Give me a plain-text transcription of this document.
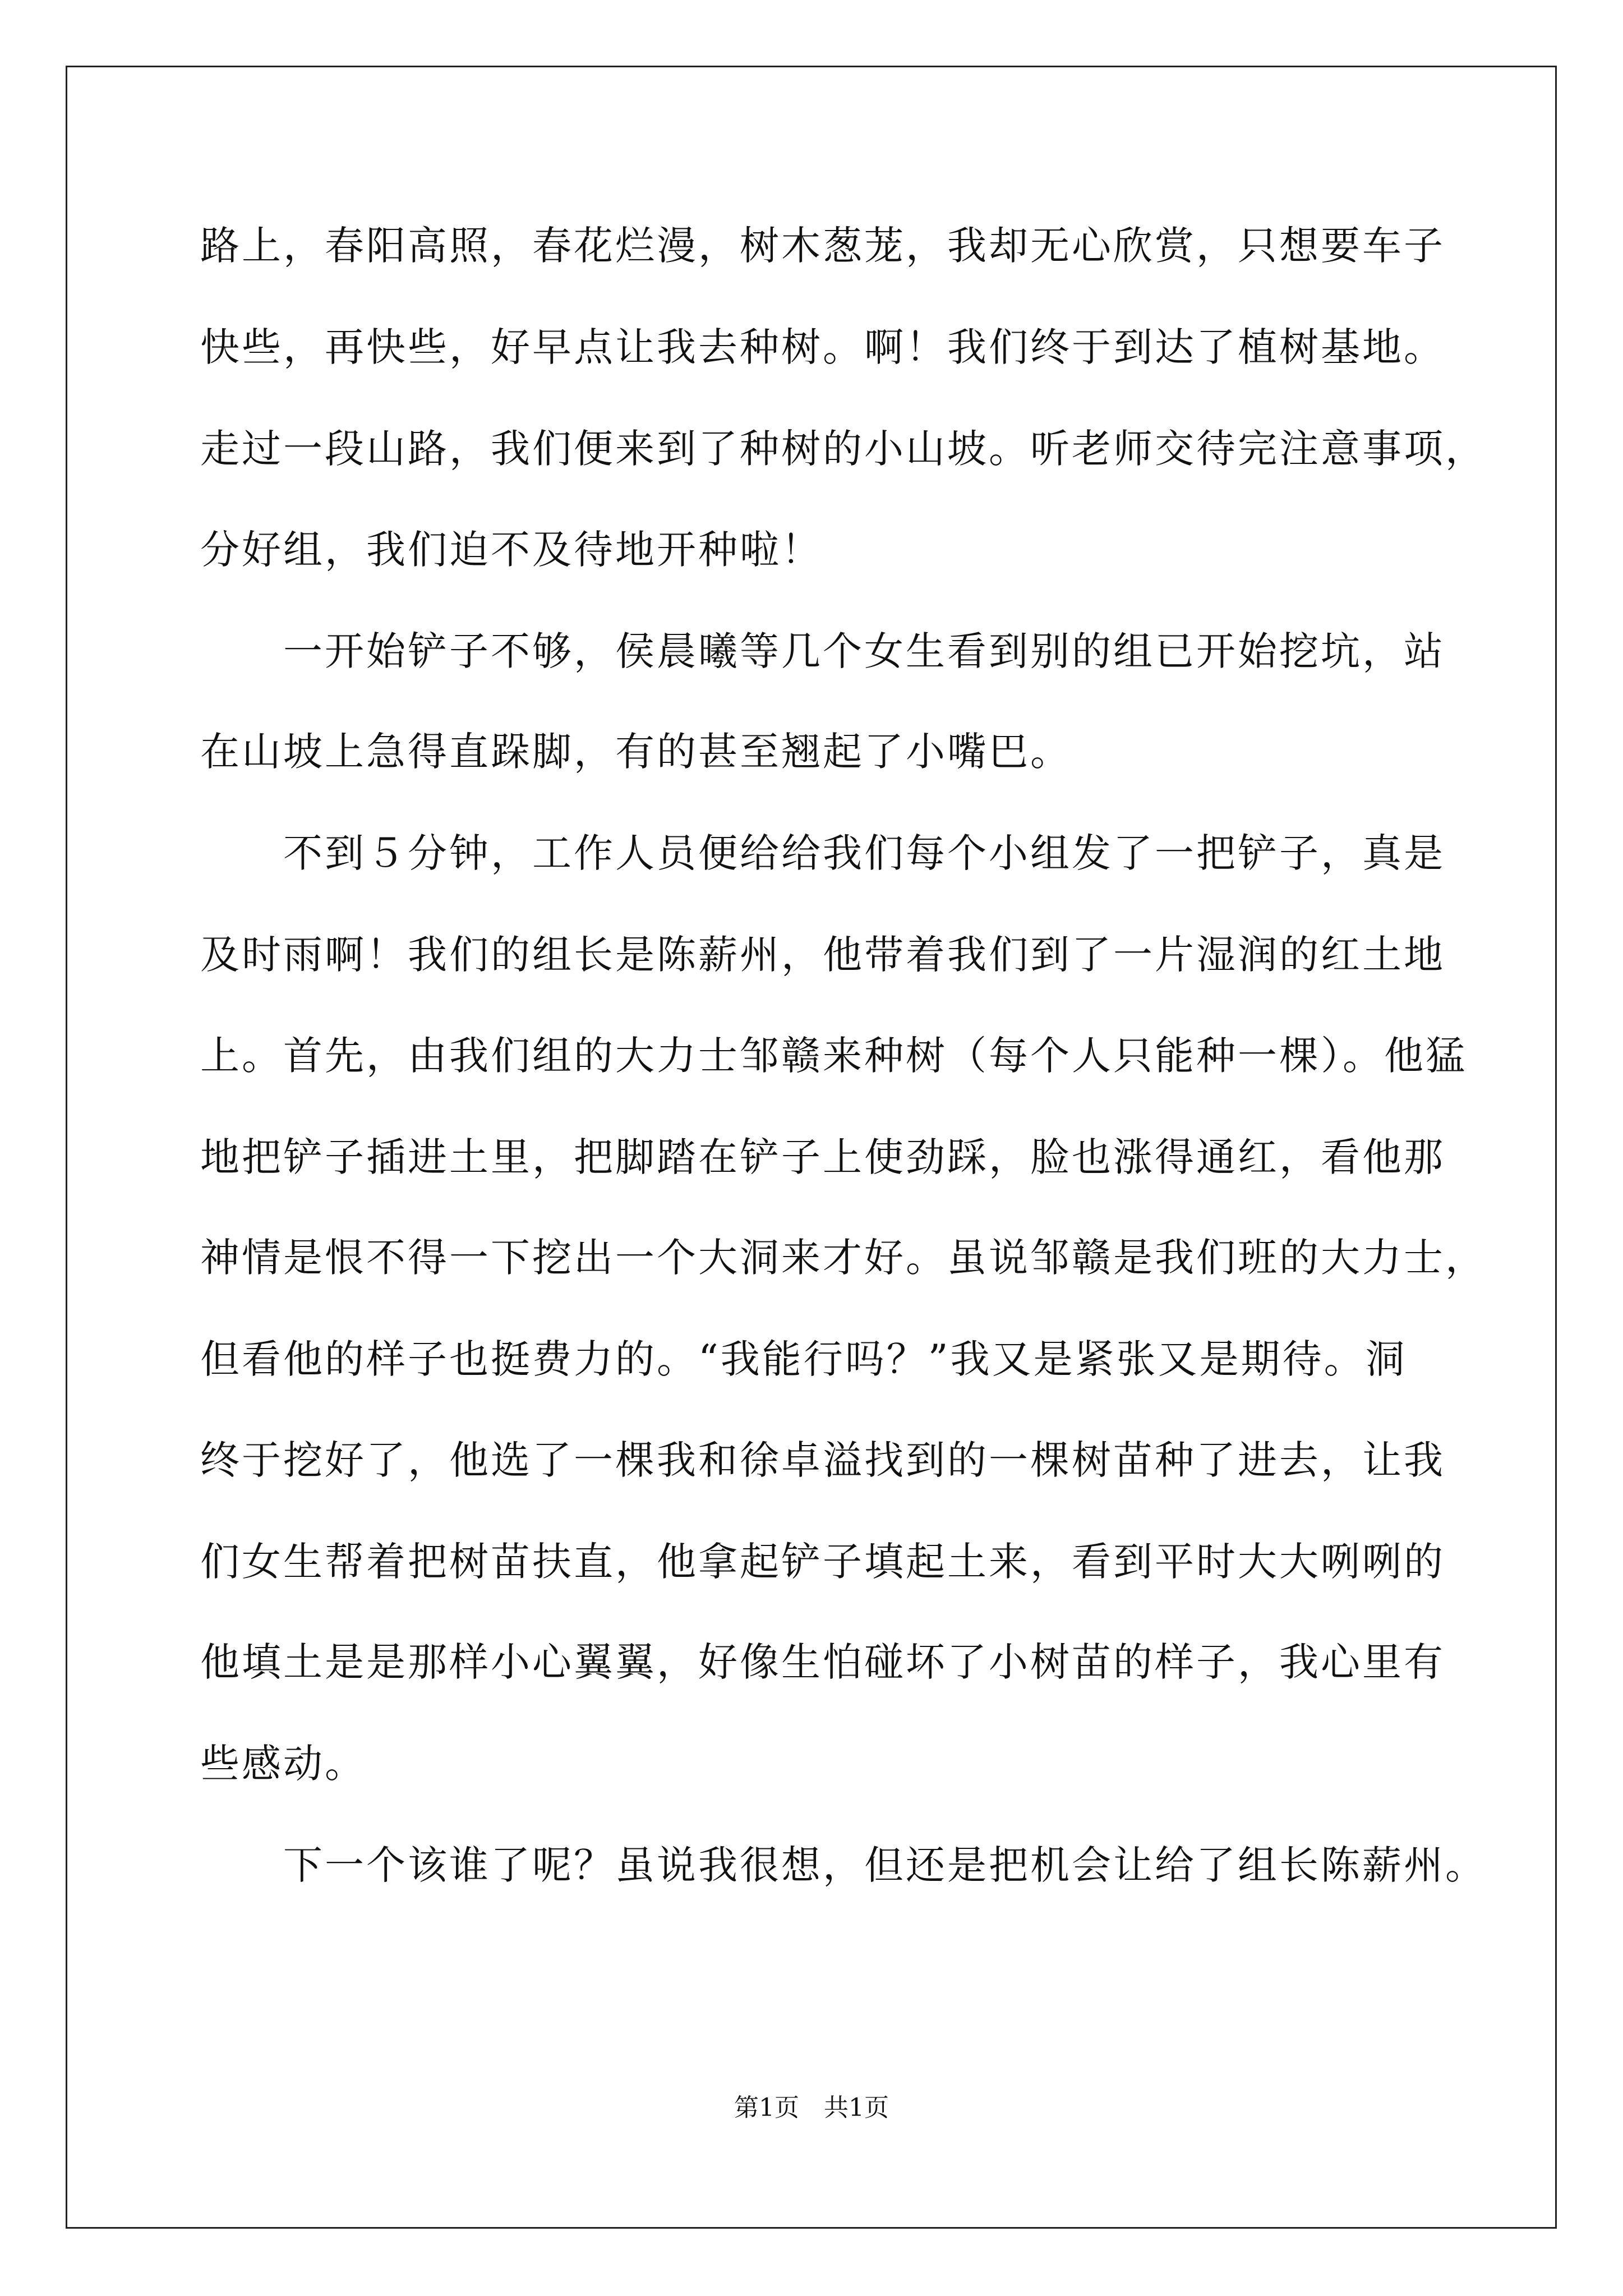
路上，春阳高照，春花烂漫，树木葱茏，我却无心欣赏，只想要车子
快些，再快些，好早点让我去种树。啊！我们终于到达了植树基地。
走过一段山路，我们便来到了种树的小山坡。听老师交待完注意事项，
分好组，我们迫不及待地开种啦！
　　一开始铲子不够，侯晨曦等几个女生看到别的组已开始挖坑，站
在山坡上急得直跺脚，有的甚至翘起了小嘴巴。
　　不到５分钟，工作人员便给给我们每个小组发了一把铲子，真是
及时雨啊！我们的组长是陈薪州，他带着我们到了一片湿润的红土地
上。首先，由我们组的大力士邹赣来种树（每个人只能种一棵）。他猛
地把铲子插进土里，把脚踏在铲子上使劲踩，脸也涨得通红，看他那
神情是恨不得一下挖出一个大洞来才好。虽说邹赣是我们班的大力士，
但看他的样子也挺费力的。“我能行吗？”我又是紧张又是期待。洞
终于挖好了，他选了一棵我和徐卓溢找到的一棵树苗种了进去，让我
们女生帮着把树苗扶直，他拿起铲子填起土来，看到平时大大咧咧的
他填土是是那样小心翼翼，好像生怕碰坏了小树苗的样子，我心里有
些感动。
　　下一个该谁了呢？虽说我很想，但还是把机会让给了组长陈薪州。
第1页　共1页
